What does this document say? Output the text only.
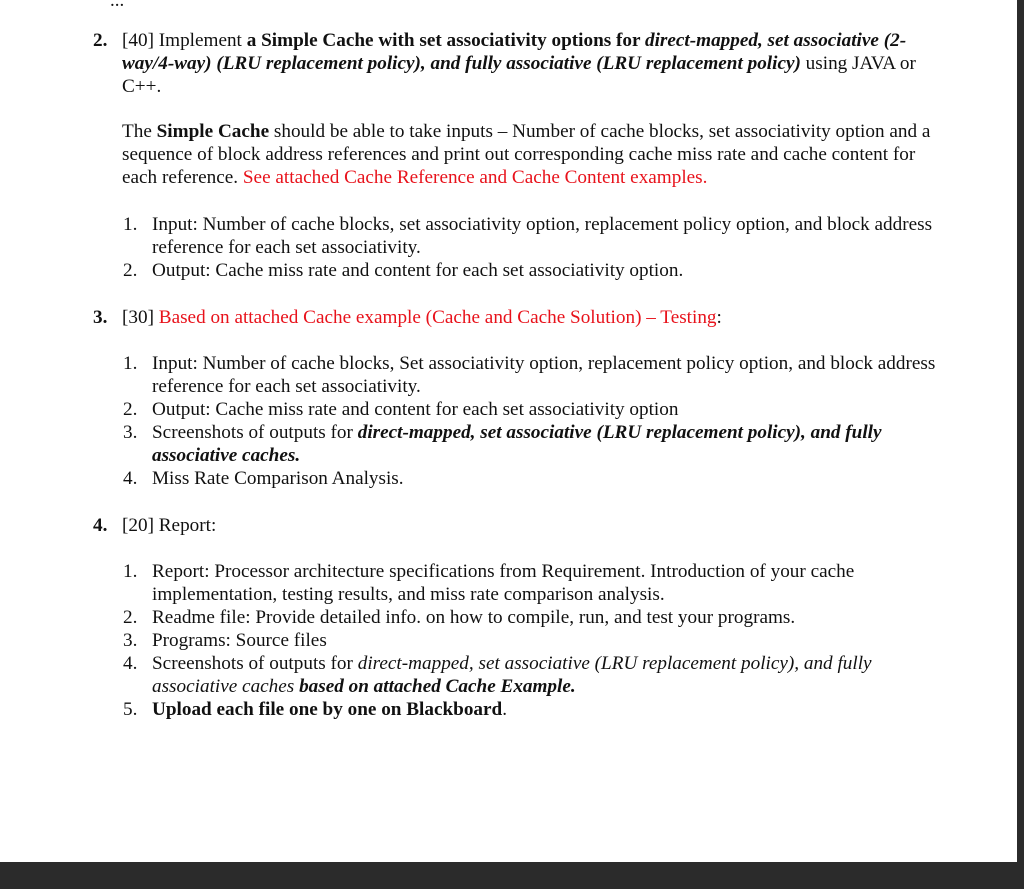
...
2. [40] Implement a Simple Cache with set associativity options for direct-mapped, set associative (2-way/4-way) (LRU replacement policy), and fully associative (LRU replacement policy) using JAVA or C++.
The Simple Cache should be able to take inputs – Number of cache blocks, set associativity option and a sequence of block address references and print out corresponding cache miss rate and cache content for each reference. See attached Cache Reference and Cache Content examples.
1. Input: Number of cache blocks, set associativity option, replacement policy option, and block address reference for each set associativity.
2. Output: Cache miss rate and content for each set associativity option.
3. [30] Based on attached Cache example (Cache and Cache Solution) – Testing:
1. Input: Number of cache blocks, Set associativity option, replacement policy option, and block address reference for each set associativity.
2. Output: Cache miss rate and content for each set associativity option
3. Screenshots of outputs for direct-mapped, set associative (LRU replacement policy), and fully associative caches.
4. Miss Rate Comparison Analysis.
4. [20] Report:
1. Report: Processor architecture specifications from Requirement. Introduction of your cache implementation, testing results, and miss rate comparison analysis.
2. Readme file: Provide detailed info. on how to compile, run, and test your programs.
3. Programs: Source files
4. Screenshots of outputs for direct-mapped, set associative (LRU replacement policy), and fully associative caches based on attached Cache Example.
5. Upload each file one by one on Blackboard.
